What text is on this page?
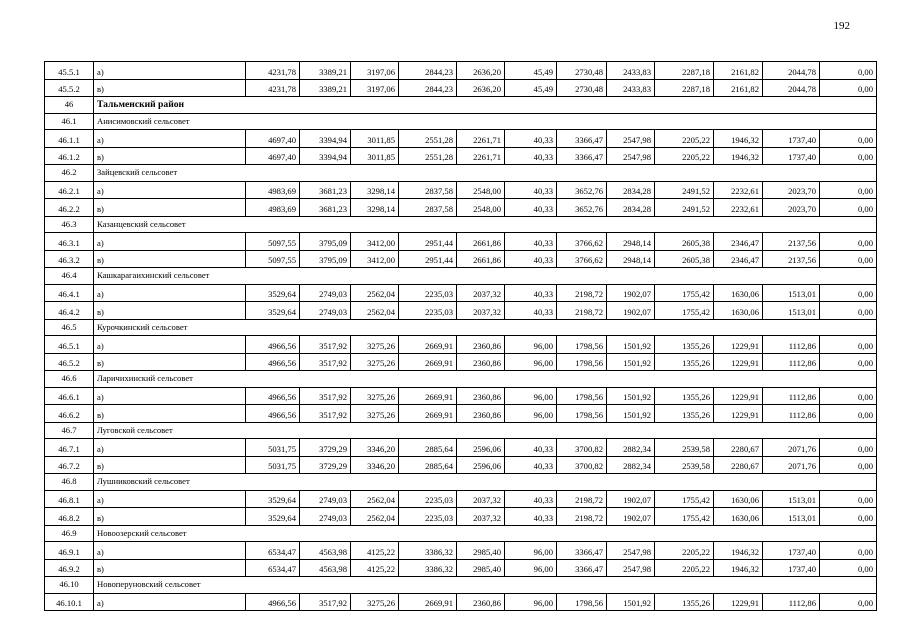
192
45.5.1	а)	4231,78	3389,21	3197,06	2844,23	2636,20	45,49	2730,48	2433,83	2287,18	2161,82	2044,78	0,00
45.5.2	в)	4231,78	3389,21	3197,06	2844,23	2636,20	45,49	2730,48	2433,83	2287,18	2161,82	2044,78	0,00
46	Тальменский район												
46.1	Анисимовский сельсовет												
46.1.1	а)	4697,40	3394,94	3011,85	2551,28	2261,71	40,33	3366,47	2547,98	2205,22	1946,32	1737,40	0,00
46.1.2	в)	4697,40	3394,94	3011,85	2551,28	2261,71	40,33	3366,47	2547,98	2205,22	1946,32	1737,40	0,00
46.2	Зайцевский сельсовет												
46.2.1	а)	4983,69	3681,23	3298,14	2837,58	2548,00	40,33	3652,76	2834,28	2491,52	2232,61	2023,70	0,00
46.2.2	в)	4983,69	3681,23	3298,14	2837,58	2548,00	40,33	3652,76	2834,28	2491,52	2232,61	2023,70	0,00
46.3	Казанцевский сельсовет												
46.3.1	а)	5097,55	3795,09	3412,00	2951,44	2661,86	40,33	3766,62	2948,14	2605,38	2346,47	2137,56	0,00
46.3.2	в)	5097,55	3795,09	3412,00	2951,44	2661,86	40,33	3766,62	2948,14	2605,38	2346,47	2137,56	0,00
46.4	Кашкарагаихинский сельсовет												
46.4.1	а)	3529,64	2749,03	2562,04	2235,03	2037,32	40,33	2198,72	1902,07	1755,42	1630,06	1513,01	0,00
46.4.2	в)	3529,64	2749,03	2562,04	2235,03	2037,32	40,33	2198,72	1902,07	1755,42	1630,06	1513,01	0,00
46.5	Курочкинский сельсовет												
46.5.1	а)	4966,56	3517,92	3275,26	2669,91	2360,86	96,00	1798,56	1501,92	1355,26	1229,91	1112,86	0,00
46.5.2	в)	4966,56	3517,92	3275,26	2669,91	2360,86	96,00	1798,56	1501,92	1355,26	1229,91	1112,86	0,00
46.6	Ларичихинский сельсовет												
46.6.1	а)	4966,56	3517,92	3275,26	2669,91	2360,86	96,00	1798,56	1501,92	1355,26	1229,91	1112,86	0,00
46.6.2	в)	4966,56	3517,92	3275,26	2669,91	2360,86	96,00	1798,56	1501,92	1355,26	1229,91	1112,86	0,00
46.7	Луговской сельсовет												
46.7.1	а)	5031,75	3729,29	3346,20	2885,64	2596,06	40,33	3700,82	2882,34	2539,58	2280,67	2071,76	0,00
46.7.2	в)	5031,75	3729,29	3346,20	2885,64	2596,06	40,33	3700,82	2882,34	2539,58	2280,67	2071,76	0,00
46.8	Лушниковский сельсовет												
46.8.1	а)	3529,64	2749,03	2562,04	2235,03	2037,32	40,33	2198,72	1902,07	1755,42	1630,06	1513,01	0,00
46.8.2	в)	3529,64	2749,03	2562,04	2235,03	2037,32	40,33	2198,72	1902,07	1755,42	1630,06	1513,01	0,00
46.9	Новоозерский сельсовет												
46.9.1	а)	6534,47	4563,98	4125,22	3386,32	2985,40	96,00	3366,47	2547,98	2205,22	1946,32	1737,40	0,00
46.9.2	в)	6534,47	4563,98	4125,22	3386,32	2985,40	96,00	3366,47	2547,98	2205,22	1946,32	1737,40	0,00
46.10	Новоперуновский сельсовет												
46.10.1	а)	4966,56	3517,92	3275,26	2669,91	2360,86	96,00	1798,56	1501,92	1355,26	1229,91	1112,86	0,00
